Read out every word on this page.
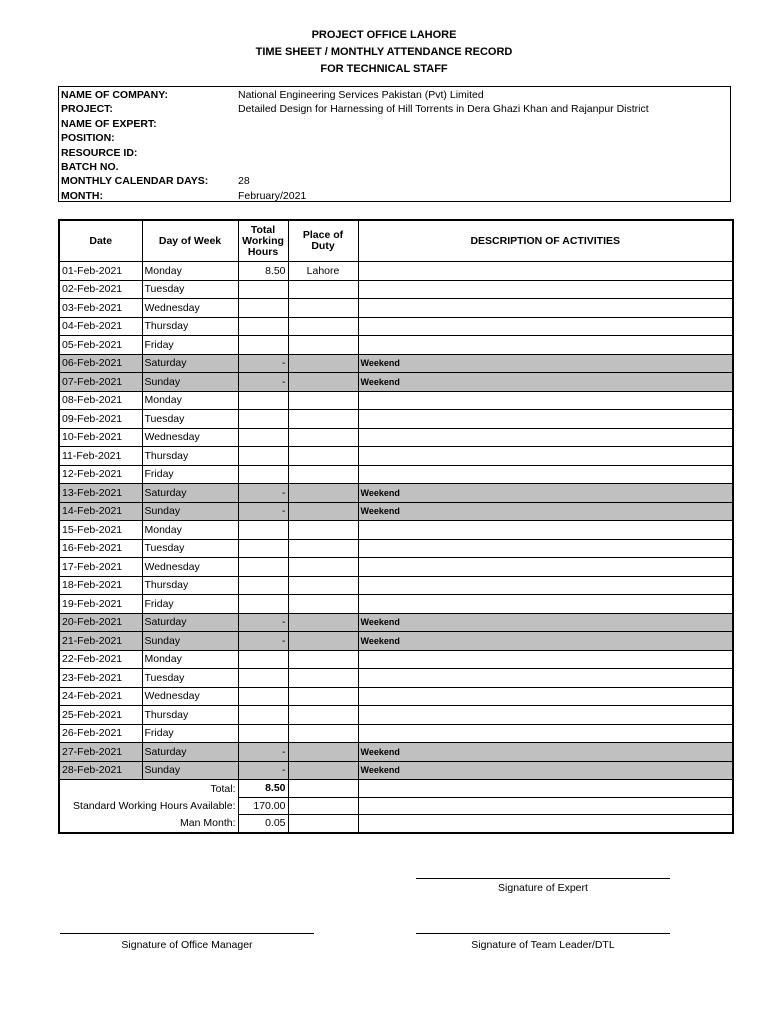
PROJECT OFFICE LAHORE
TIME SHEET / MONTHLY ATTENDANCE RECORD
FOR TECHNICAL STAFF
NAME OF COMPANY:	National Engineering Services Pakistan (Pvt) Limited
PROJECT:	Detailed Design for Harnessing of Hill Torrents in Dera Ghazi Khan and Rajanpur District
NAME OF EXPERT:
POSITION:
RESOURCE ID:
BATCH NO.
MONTHLY CALENDAR DAYS:	28
MONTH:	February/2021
Date	Day of Week	Total Working Hours	Place of Duty	DESCRIPTION OF ACTIVITIES
01-Feb-2021	Monday	8.50	Lahore	
02-Feb-2021	Tuesday			
03-Feb-2021	Wednesday			
04-Feb-2021	Thursday			
05-Feb-2021	Friday			
06-Feb-2021	Saturday	-		Weekend
07-Feb-2021	Sunday	-		Weekend
08-Feb-2021	Monday			
09-Feb-2021	Tuesday			
10-Feb-2021	Wednesday			
11-Feb-2021	Thursday			
12-Feb-2021	Friday			
13-Feb-2021	Saturday	-		Weekend
14-Feb-2021	Sunday	-		Weekend
15-Feb-2021	Monday			
16-Feb-2021	Tuesday			
17-Feb-2021	Wednesday			
18-Feb-2021	Thursday			
19-Feb-2021	Friday			
20-Feb-2021	Saturday	-		Weekend
21-Feb-2021	Sunday	-		Weekend
22-Feb-2021	Monday			
23-Feb-2021	Tuesday			
24-Feb-2021	Wednesday			
25-Feb-2021	Thursday			
26-Feb-2021	Friday			
27-Feb-2021	Saturday	-		Weekend
28-Feb-2021	Sunday	-		Weekend
Total:		8.50		
Standard Working Hours Available:		170.00		
Man Month:		0.05		
Signature of Expert
Signature of Office Manager	Signature of Team Leader/DTL
